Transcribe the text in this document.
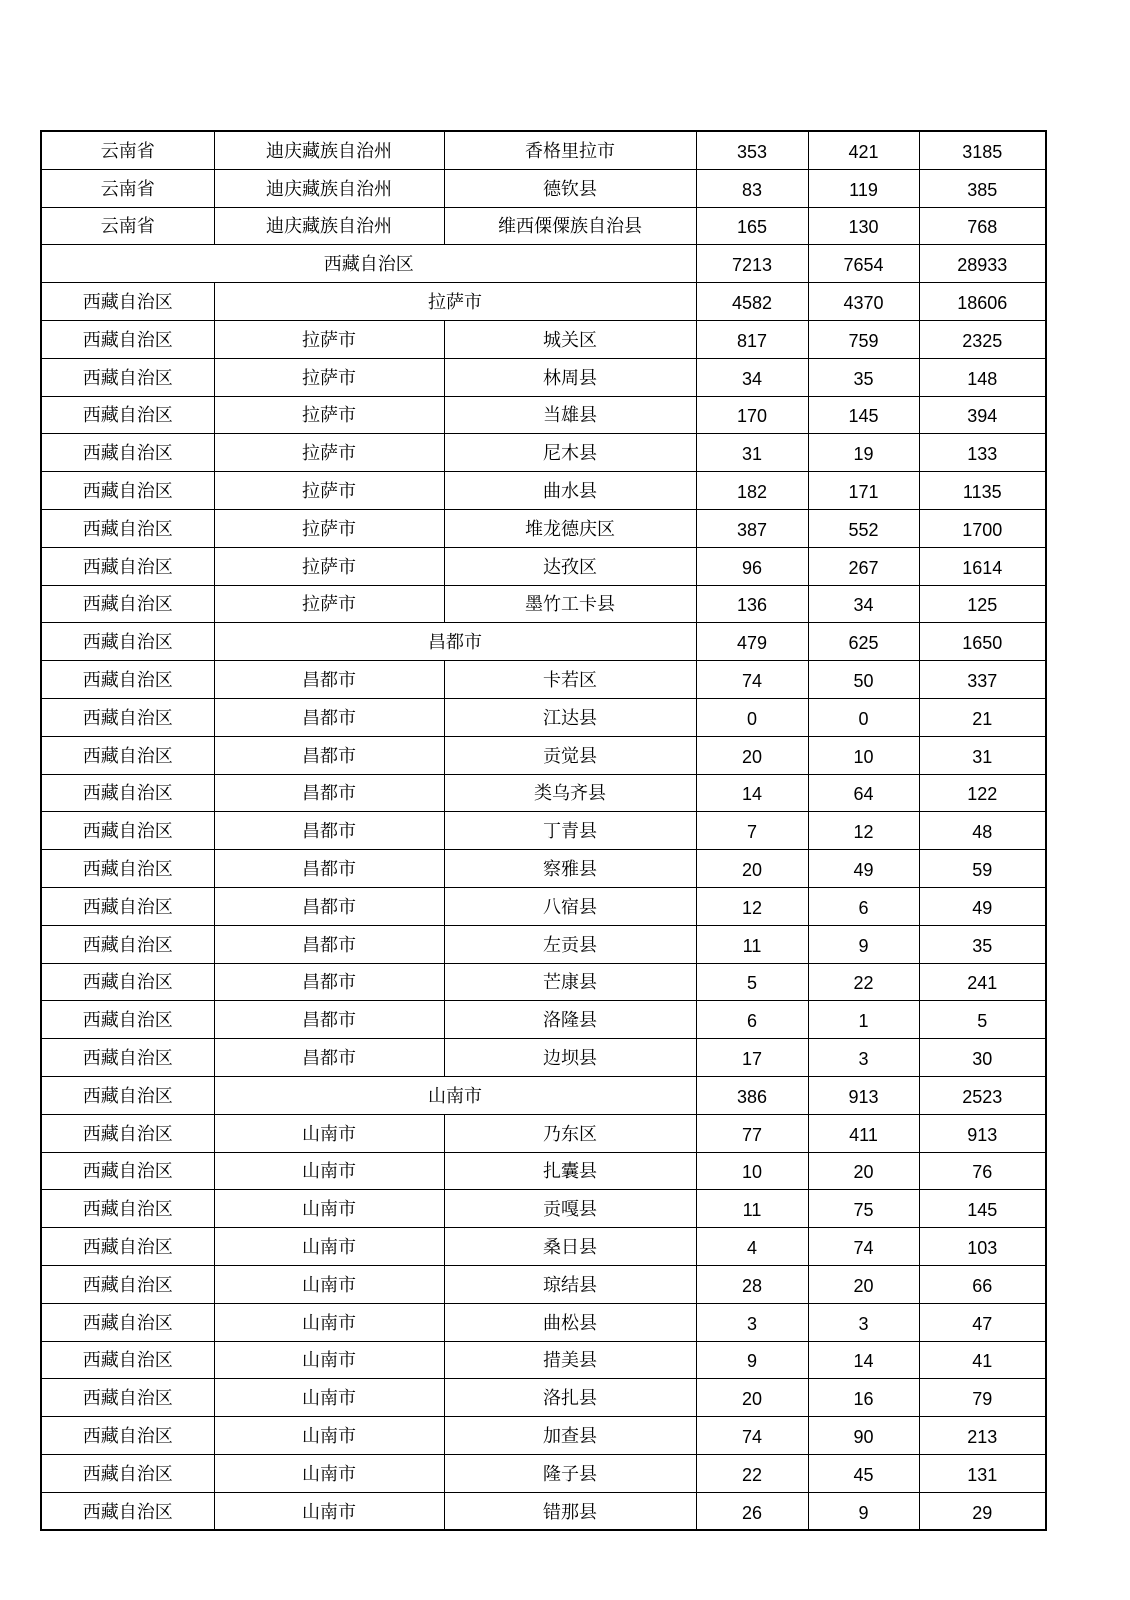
云南省	迪庆藏族自治州	香格里拉市	353	421	3185
云南省	迪庆藏族自治州	德钦县	83	119	385
云南省	迪庆藏族自治州	维西傈僳族自治县	165	130	768
西藏自治区			7213	7654	28933
西藏自治区	拉萨市		4582	4370	18606
西藏自治区	拉萨市	城关区	817	759	2325
西藏自治区	拉萨市	林周县	34	35	148
西藏自治区	拉萨市	当雄县	170	145	394
西藏自治区	拉萨市	尼木县	31	19	133
西藏自治区	拉萨市	曲水县	182	171	1135
西藏自治区	拉萨市	堆龙德庆区	387	552	1700
西藏自治区	拉萨市	达孜区	96	267	1614
西藏自治区	拉萨市	墨竹工卡县	136	34	125
西藏自治区	昌都市		479	625	1650
西藏自治区	昌都市	卡若区	74	50	337
西藏自治区	昌都市	江达县	0	0	21
西藏自治区	昌都市	贡觉县	20	10	31
西藏自治区	昌都市	类乌齐县	14	64	122
西藏自治区	昌都市	丁青县	7	12	48
西藏自治区	昌都市	察雅县	20	49	59
西藏自治区	昌都市	八宿县	12	6	49
西藏自治区	昌都市	左贡县	11	9	35
西藏自治区	昌都市	芒康县	5	22	241
西藏自治区	昌都市	洛隆县	6	1	5
西藏自治区	昌都市	边坝县	17	3	30
西藏自治区	山南市		386	913	2523
西藏自治区	山南市	乃东区	77	411	913
西藏自治区	山南市	扎囊县	10	20	76
西藏自治区	山南市	贡嘎县	11	75	145
西藏自治区	山南市	桑日县	4	74	103
西藏自治区	山南市	琼结县	28	20	66
西藏自治区	山南市	曲松县	3	3	47
西藏自治区	山南市	措美县	9	14	41
西藏自治区	山南市	洛扎县	20	16	79
西藏自治区	山南市	加查县	74	90	213
西藏自治区	山南市	隆子县	22	45	131
西藏自治区	山南市	错那县	26	9	29
